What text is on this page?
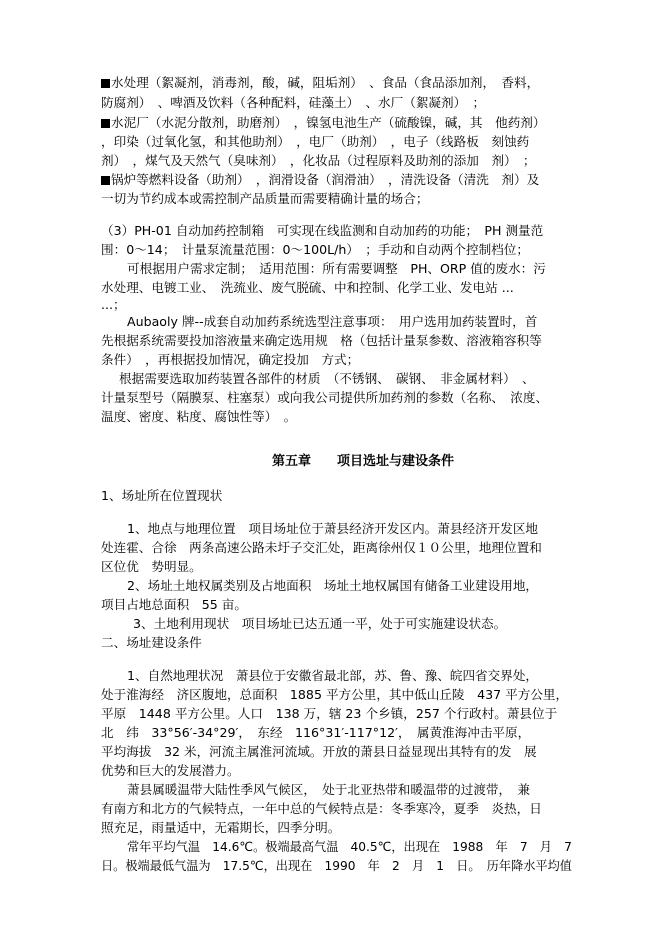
水处理（絮凝剂，消毒剂，酸，碱，阻垢剂）　、食品（食品添加剂，　香料，
防腐剂）　、啤酒及饮料（各种配料，硅藻土）　、水厂（絮凝剂）　；
水泥厂（水泥分散剂，助磨剂）　，镍氢电池生产（硫酸镍，碱，其　他药剂）
，印染（过氧化氢，和其他助剂）　，电厂（助剂）　，电子（线路板　刻蚀药
剂）　，煤气及天然气（臭味剂）　，化妆品（过程原料及助剂的添加　剂）　；
锅炉等燃料设备（助剂）　，润滑设备（润滑油）　，清洗设备（清洗　剂）及
一切为节约成本或需控制产品质量而需要精确计量的场合；
（3）PH-01 自动加药控制箱　可实现在线监测和自动加药的功能；　PH 测量范
围：0～14；　计量泵流量范围：0～100L/h）　；手动和自动两个控制档位；
可根据用户需求定制；　适用范围：所有需要调整　PH、ORP 值的废水：污
水处理、电镀工业、　洗巯业、废气脱硫、中和控制、化学工业、发电站 ...
...；
Aubaoly 牌--成套自动加药系统选型注意事项：　用户选用加药装置时，首
先根据系统需要投加溶液量来确定选用规　格（包括计量泵参数、溶液箱容积等
条件）　，再根据投加情况，确定投加　方式；
根据需要选取加药装置各部件的材质　（不锈钢、　碳钢、　非金属材料）　、
计量泵型号（隔膜泵、柱塞泵）或向我公司提供所加药剂的参数（名称、　浓度、
温度、密度、粘度、腐蚀性等）　。
第五章　　项目选址与建设条件
1、场址所在位置现状
1、地点与地理位置　项目场址位于萧县经济开发区内。萧县经济开发区地
处连霍、合徐　两条高速公路未圩子交汇处，距离徐州仅１０公里，地理位置和
区位优　势明显。
2、场址土地权属类别及占地面积　场址土地权属国有储备工业建设用地，
项目占地总面积　55 亩。
3、土地利用现状　项目场址已达五通一平，处于可实施建设状态。
二、场址建设条件
1、自然地理状况　萧县位于安徽省最北部，苏、鲁、豫、皖四省交界处，
处于淮海经　济区腹地，总面积　1885 平方公里，其中低山丘陵　437 平方公里，
平原　1448 平方公里。人口　138 万，辖 23 个乡镇，257 个行政村。萧县位于
北　纬　33°56′-34°29′，　东经　116°31′-117°12′，　属黄淮海冲击平原，
平均海拔　32 米，河流主属淮河流域。开放的萧县日益显现出其特有的发　展
优势和巨大的发展潜力。
萧县属暖温带大陆性季风气候区，　处于北亚热带和暖温带的过渡带，　兼
有南方和北方的气候特点，一年中总的气候特点是：冬季寒冷，夏季　炎热，日
照充足，雨量适中，无霜期长，四季分明。
常年平均气温　14.6℃。极端最高气温　40.5℃，出现在　1988　年　7　月　7
日。极端最低气温为　17.5℃，出现在　1990　年　2　月　1　日。　历年降水平均值
